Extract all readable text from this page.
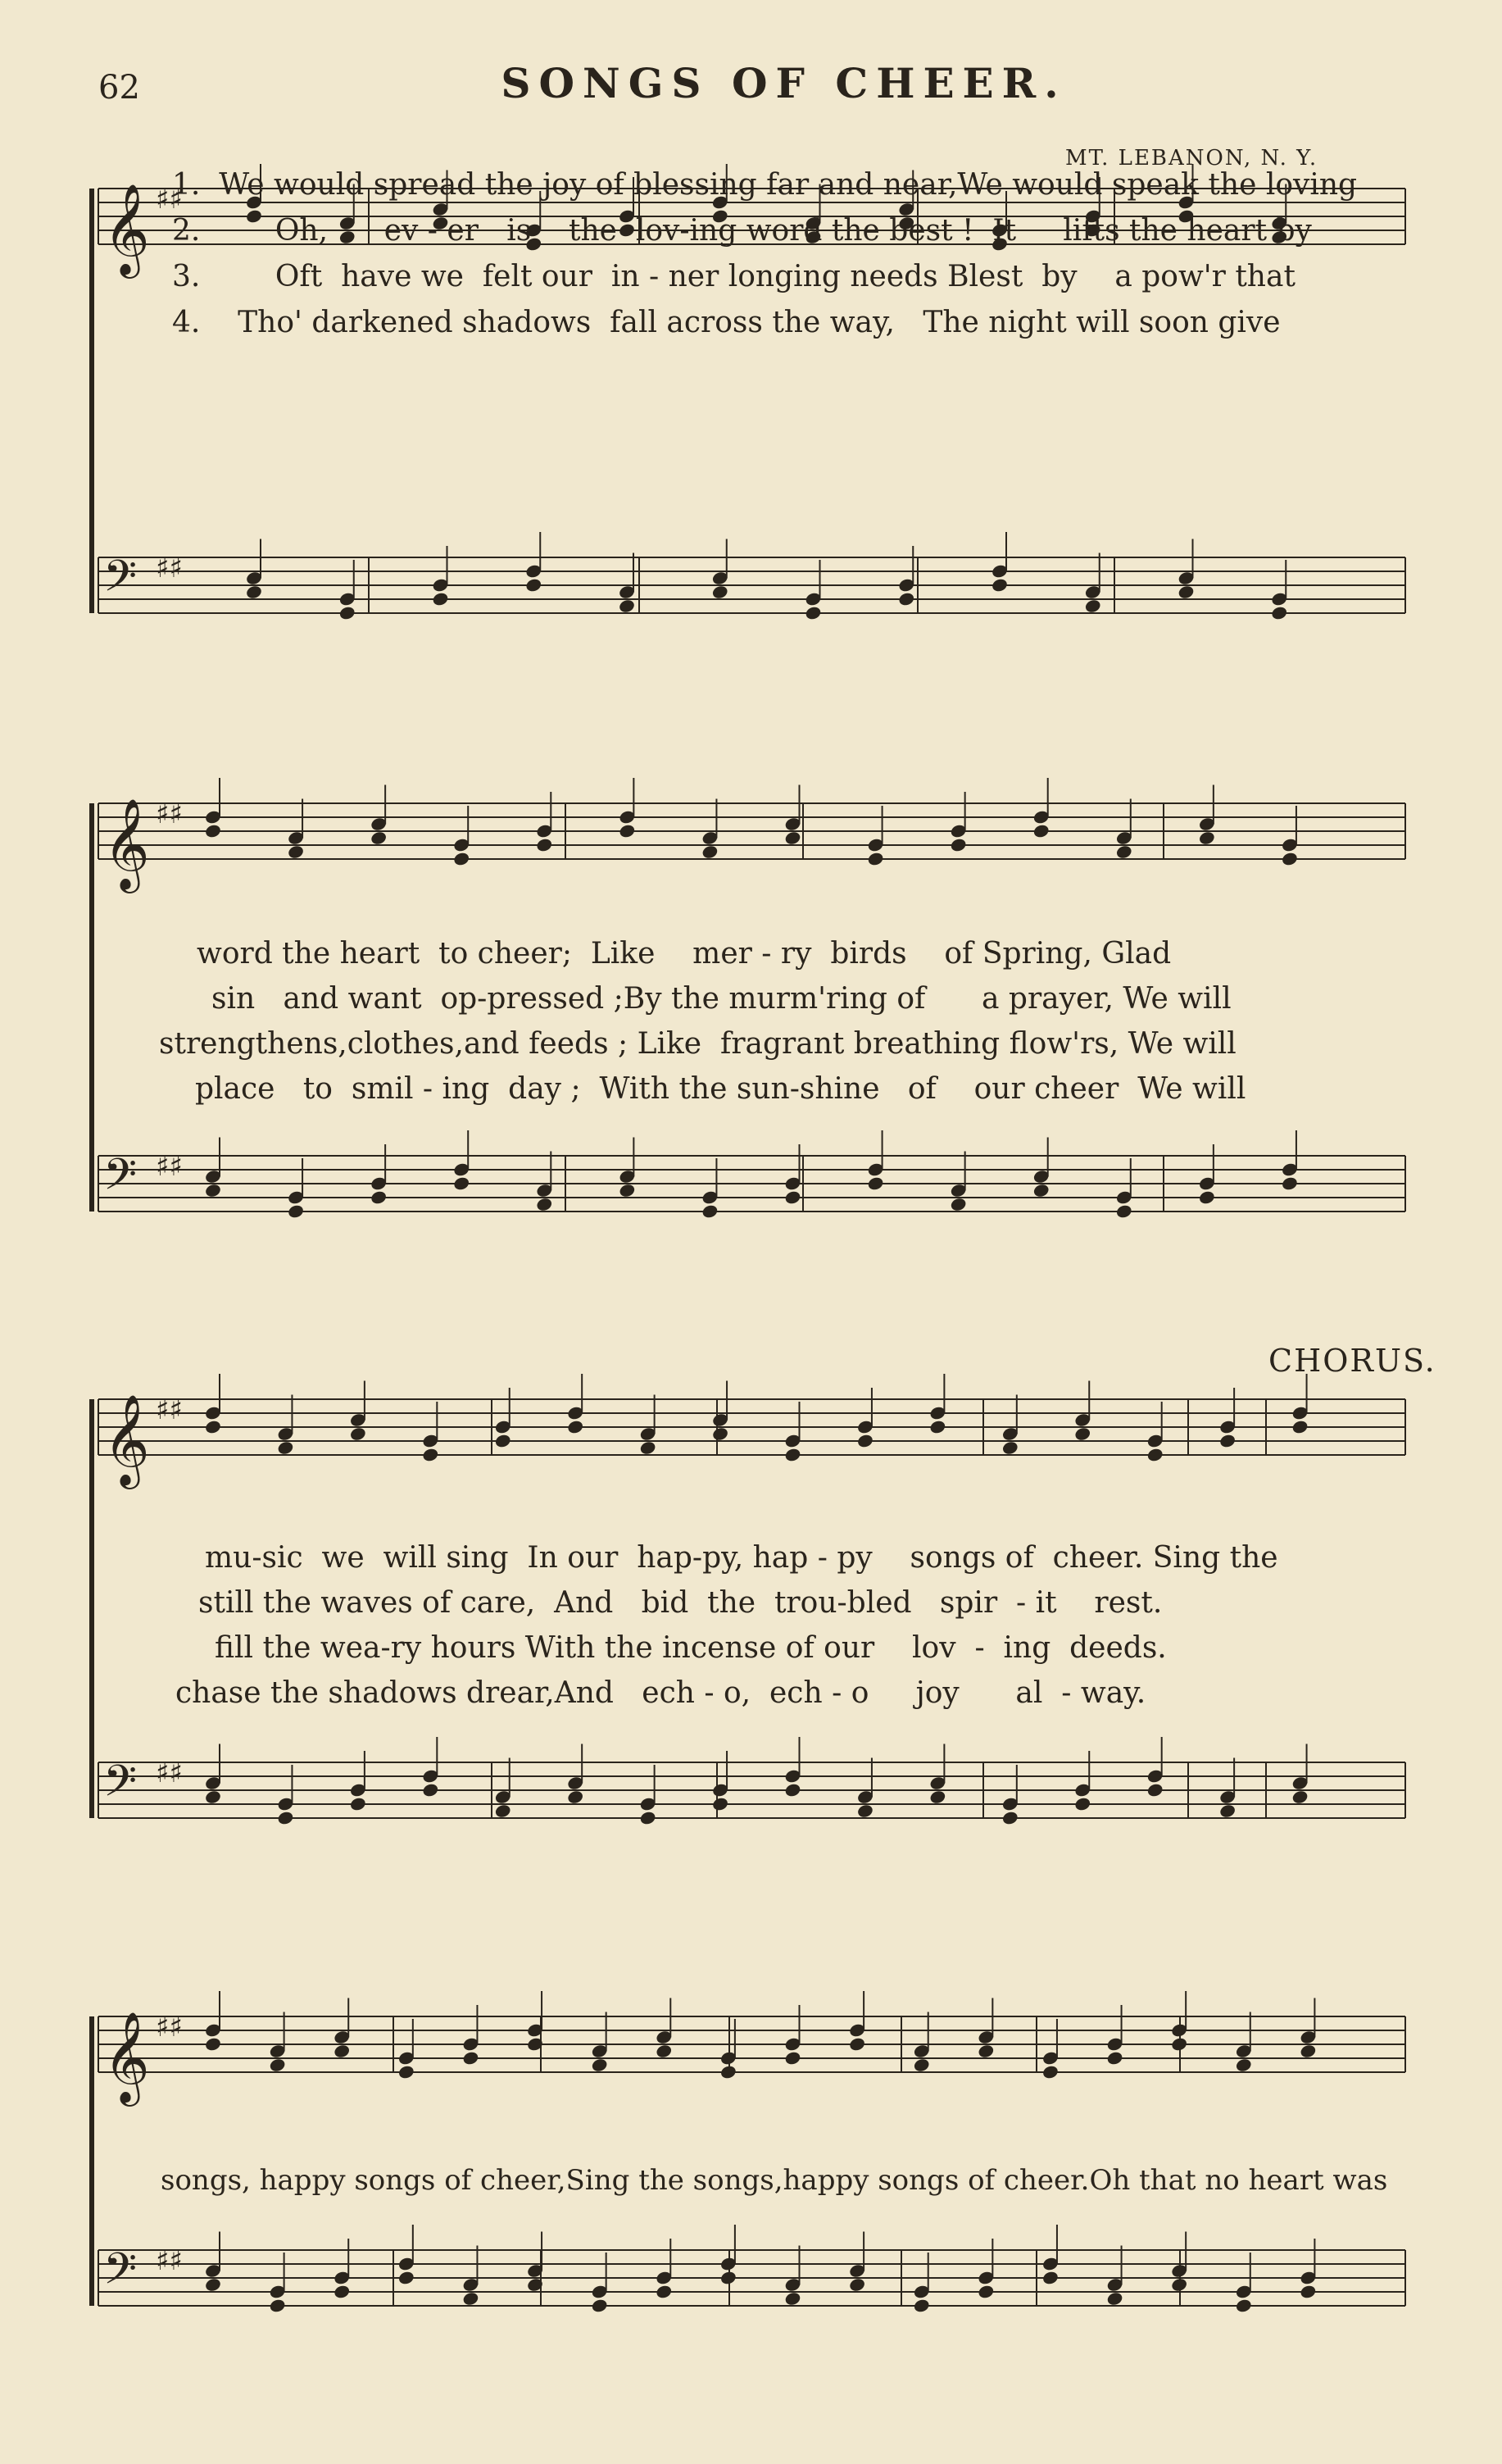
62	SONGS OF CHEER.
MT. LEBANON, N. Y.
CHORUS.
𝄞 ♯♯
𝄢 ♯♯
1.  We would spread the joy of blessing far and near,We would speak the loving
2.        Oh,      ev - er   is    the  lov-ing word the best !  It     lifts the heart by
3.        Oft  have we  felt our  in - ner longing needs Blest  by    a pow'r that
4.    Tho' darkened shadows  fall across the way,   The night will soon give
𝄞 ♯♯
𝄢 ♯♯
word the heart  to cheer;  Like    mer - ry  birds    of Spring, Glad
sin   and want  op-pressed ;By the murm'ring of      a prayer, We will
strengthens,clothes,and feeds ; Like  fragrant breathing flow'rs, We will
place   to  smil - ing  day ;  With the sun-shine   of    our cheer  We will
𝄞 ♯♯
𝄢 ♯♯
mu-sic  we  will sing  In our  hap-py, hap - py    songs of  cheer. Sing the
still the waves of care,  And   bid  the  trou-bled   spir  - it    rest.
fill the wea-ry hours With the incense of our    lov  -  ing  deeds.
chase the shadows drear,And   ech - o,  ech - o     joy      al  - way.
𝄞 ♯♯
𝄢 ♯♯
songs, happy songs of cheer,Sing the songs,happy songs of cheer.Oh that no heart was
